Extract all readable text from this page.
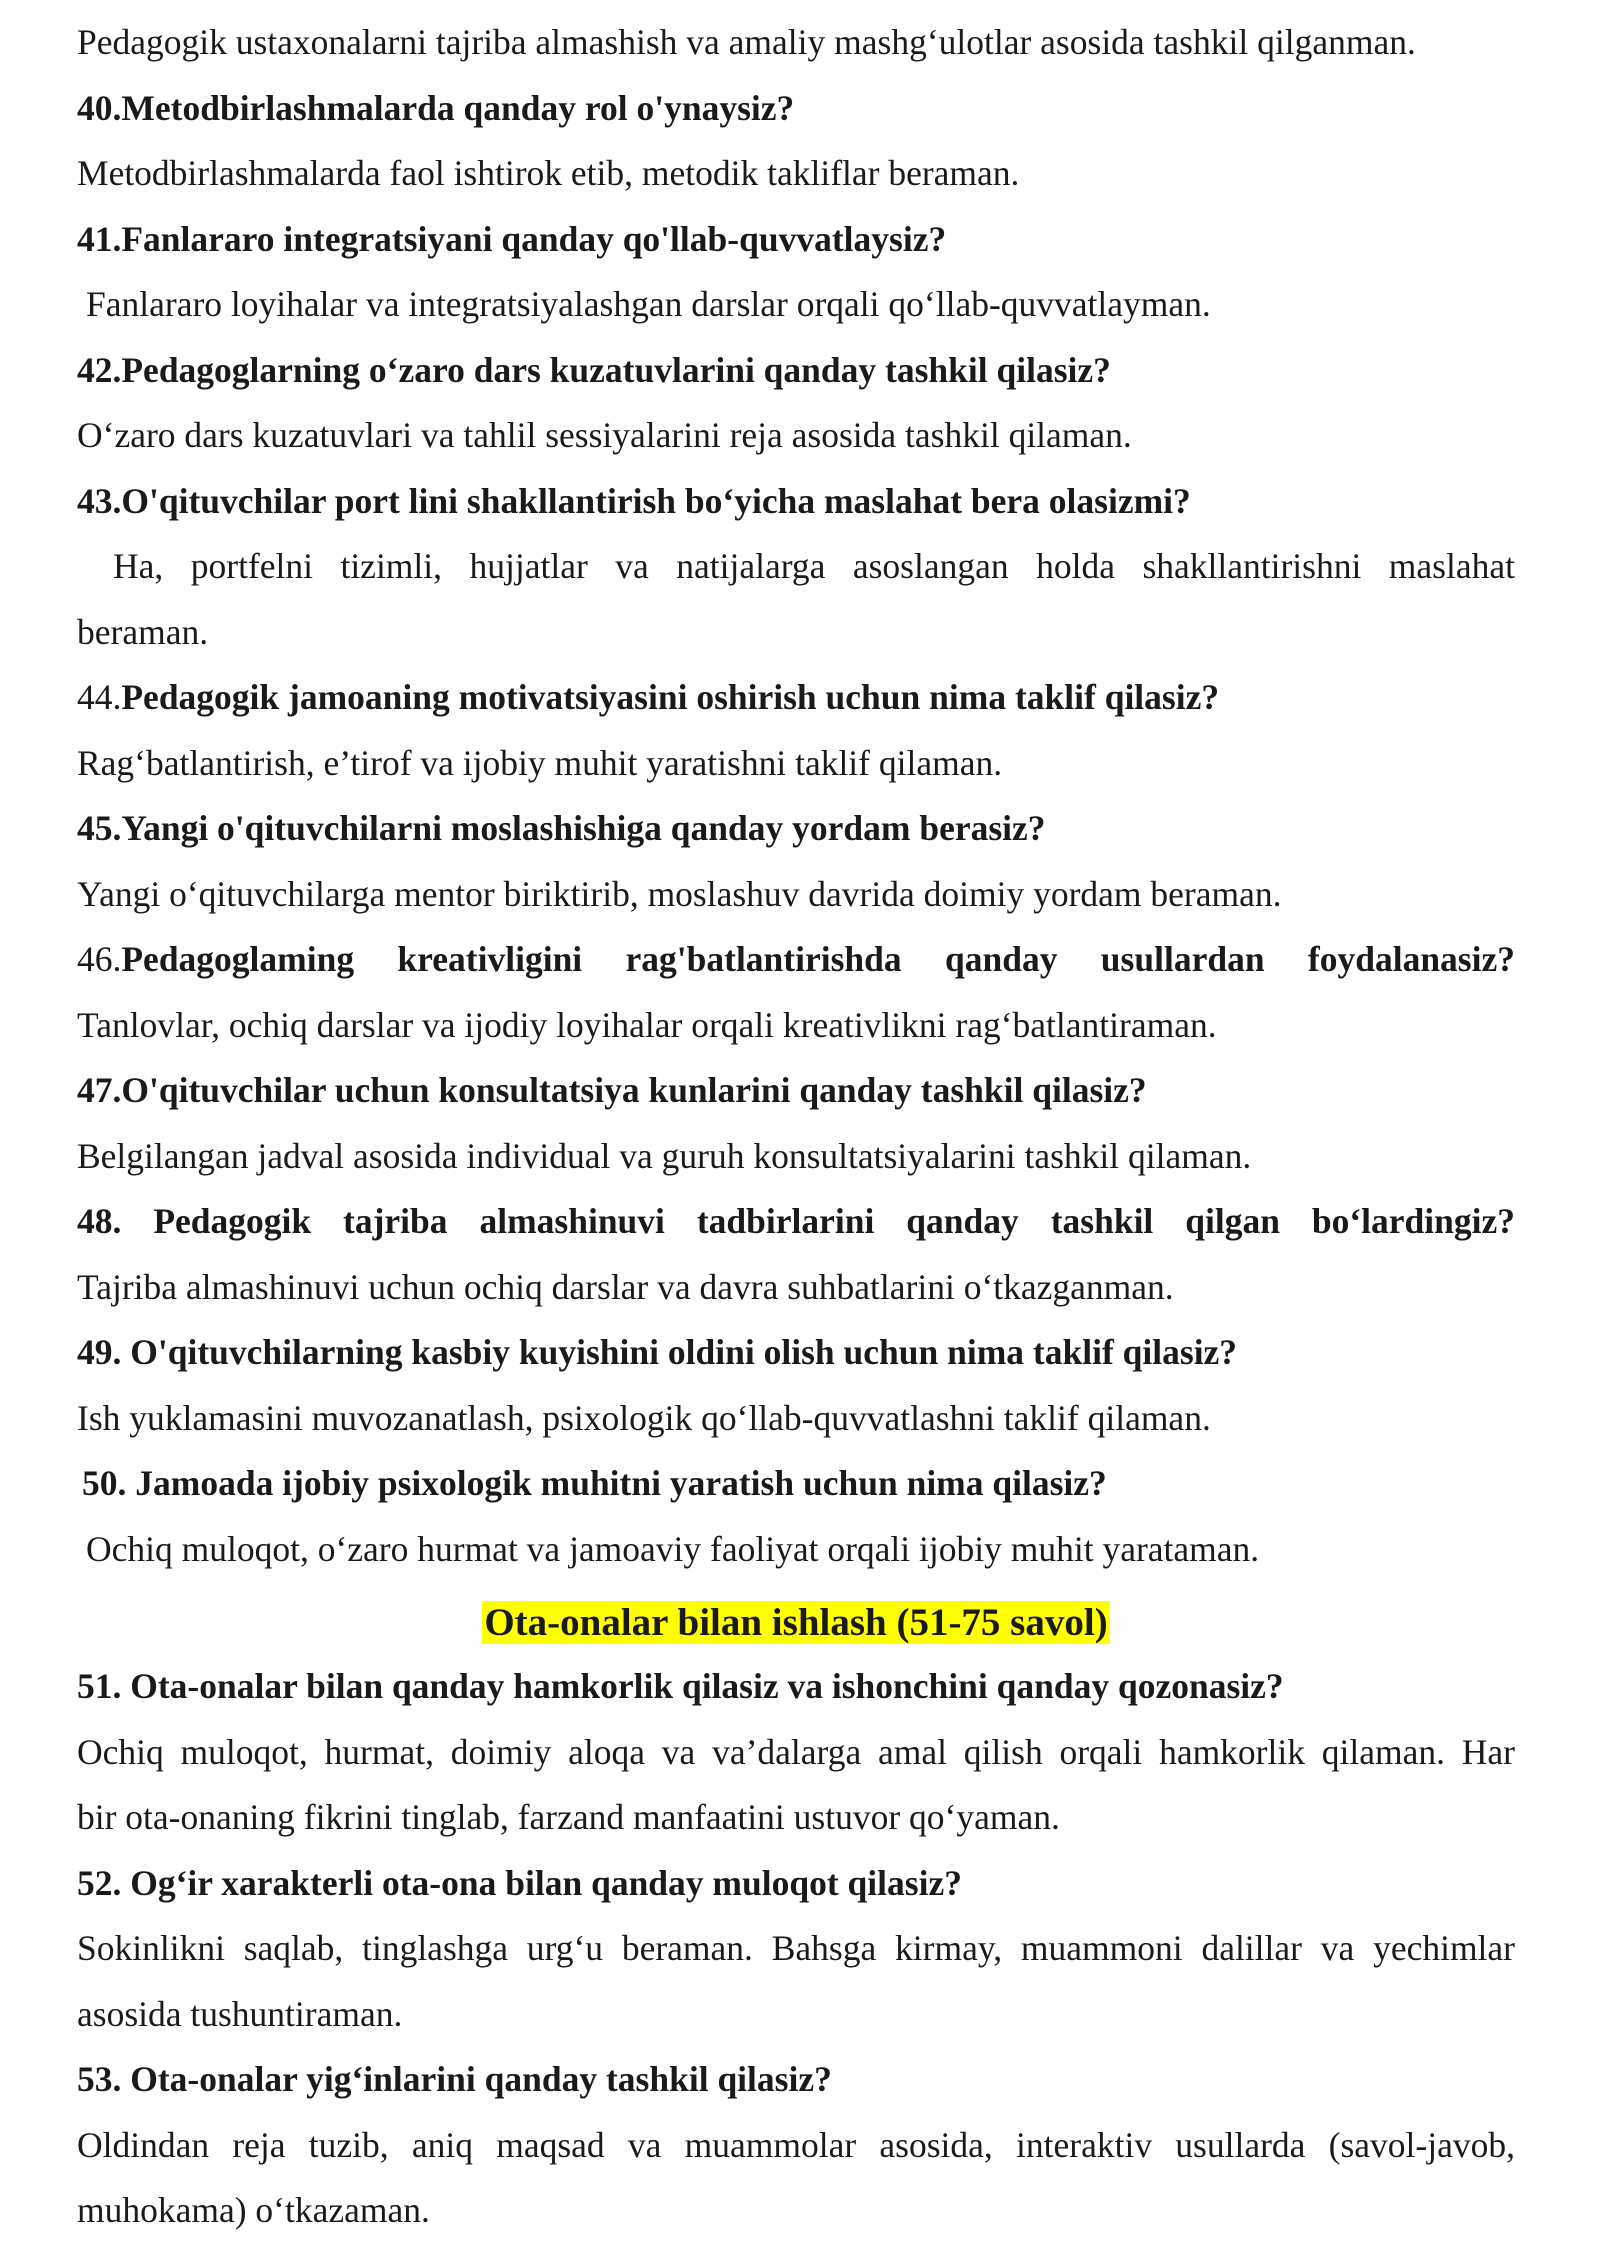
Pedagogik ustaxonalarni tajriba almashish va amaliy mashg‘ulotlar asosida tashkil qilganman.
40.Metodbirlashmalarda qanday rol o'ynaysiz?
Metodbirlashmalarda faol ishtirok etib, metodik takliflar beraman.
41.Fanlararo integratsiyani qanday qo'llab-quvvatlaysiz?
Fanlararo loyihalar va integratsiyalashgan darslar orqali qo‘llab-quvvatlayman.
42.Pedagoglarning o‘zaro dars kuzatuvlarini qanday tashkil qilasiz?
O‘zaro dars kuzatuvlari va tahlil sessiyalarini reja asosida tashkil qilaman.
43.O'qituvchilar port lini shakllantirish bo‘yicha maslahat bera olasizmi?
Ha, portfelni tizimli, hujjatlar va natijalarga asoslangan holda shakllantirishni maslahat
beraman.
44.Pedagogik jamoaning motivatsiyasini oshirish uchun nima taklif qilasiz?
Rag‘batlantirish, e’tirof va ijobiy muhit yaratishni taklif qilaman.
45.Yangi o'qituvchilarni moslashishiga qanday yordam berasiz?
Yangi o‘qituvchilarga mentor biriktirib, moslashuv davrida doimiy yordam beraman.
46.Pedagoglaming kreativligini rag'batlantirishda qanday usullardan foydalanasiz?
Tanlovlar, ochiq darslar va ijodiy loyihalar orqali kreativlikni rag‘batlantiraman.
47.O'qituvchilar uchun konsultatsiya kunlarini qanday tashkil qilasiz?
Belgilangan jadval asosida individual va guruh konsultatsiyalarini tashkil qilaman.
48. Pedagogik tajriba almashinuvi tadbirlarini qanday tashkil qilgan bo‘lardingiz?
Tajriba almashinuvi uchun ochiq darslar va davra suhbatlarini o‘tkazganman.
49. O'qituvchilarning kasbiy kuyishini oldini olish uchun nima taklif qilasiz?
Ish yuklamasini muvozanatlash, psixologik qo‘llab-quvvatlashni taklif qilaman.
50. Jamoada ijobiy psixologik muhitni yaratish uchun nima qilasiz?
Ochiq muloqot, o‘zaro hurmat va jamoaviy faoliyat orqali ijobiy muhit yarataman.
Ota-onalar bilan ishlash (51-75 savol)
51. Ota-onalar bilan qanday hamkorlik qilasiz va ishonchini qanday qozonasiz?
Ochiq muloqot, hurmat, doimiy aloqa va va’dalarga amal qilish orqali hamkorlik qilaman. Har
bir ota-onaning fikrini tinglab, farzand manfaatini ustuvor qo‘yaman.
52. Og‘ir xarakterli ota-ona bilan qanday muloqot qilasiz?
Sokinlikni saqlab, tinglashga urg‘u beraman. Bahsga kirmay, muammoni dalillar va yechimlar
asosida tushuntiraman.
53. Ota-onalar yig‘inlarini qanday tashkil qilasiz?
Oldindan reja tuzib, aniq maqsad va muammolar asosida, interaktiv usullarda (savol-javob,
muhokama) o‘tkazaman.
